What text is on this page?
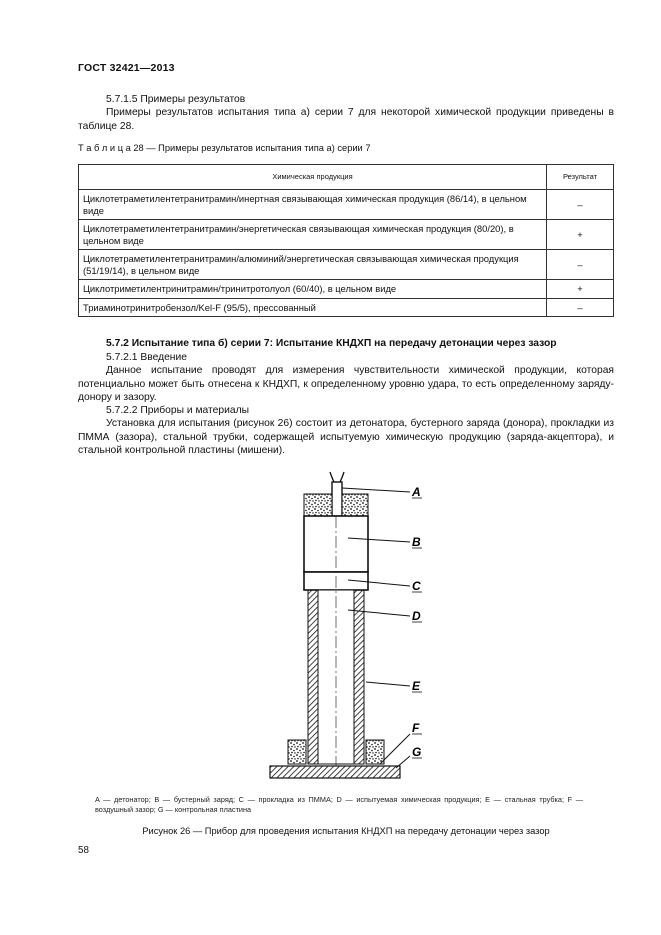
ГОСТ 32421—2013
5.7.1.5 Примеры результатов
Примеры результатов испытания типа а) серии 7 для некоторой химической продукции приведены в таблице 28.
Т а б л и ц а 28 — Примеры результатов испытания типа а) серии 7
Химическая продукция	Результат
Циклотетраметилентетранитрамин/инертная связывающая химическая продукция (86/14), в цельном виде	–
Циклотетраметилентетранитрамин/энергетическая связывающая химическая продукция (80/20), в цельном виде	+
Циклотетраметилентетранитрамин/алюминий/энергетическая связывающая химическая продукция (51/19/14), в цельном виде	–
Циклотриметилентринитрамин/тринитротолуол (60/40), в цельном виде	+
Триаминотринитробензол/Kel-F (95/5), прессованный	–
5.7.2 Испытание типа б) серии 7: Испытание КНДХП на передачу детонации через зазор
5.7.2.1 Введение
Данное испытание проводят для измерения чувствительности химической продукции, которая потенциально может быть отнесена к КНДХП, к определенному уровню удара, то есть определенному заряду-донору и зазору.
5.7.2.2 Приборы и материалы
Установка для испытания (рисунок 26) состоит из детонатора, бустерного заряда (донора), прокладки из ПММА (зазора), стальной трубки, содержащей испытуемую химическую продукцию (заряда-акцептора), и стальной контрольной пластины (мишени).
A
B
C
D
E
F
G
A — детонатор; B — бустерный заряд; C — прокладка из ПММА; D — испытуемая химическая продукция; E — стальная трубка; F — воздушный зазор; G — контрольная пластина
Рисунок 26 — Прибор для проведения испытания КНДХП на передачу детонации через зазор
58
